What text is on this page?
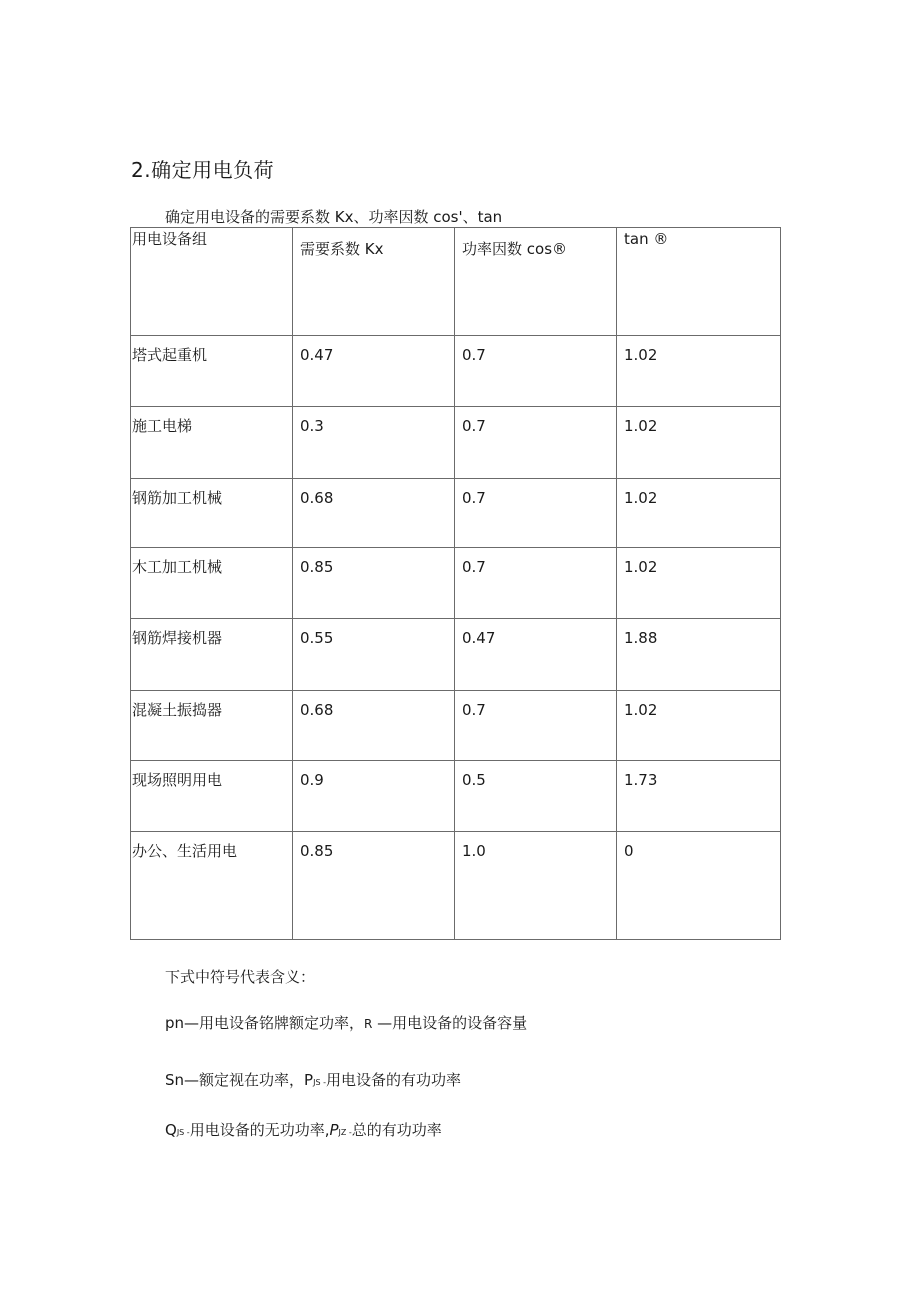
2.确定用电负荷
确定用电设备的需要系数 Kx、功率因数 cos'、tan
用电设备组	需要系数 Kx	功率因数 cos®	tan ®

塔式起重机	0.47	0.7	1.02

施工电梯	0.3	0.7	1.02

钢筋加工机械	0.68	0.7	1.02

木工加工机械	0.85	0.7	1.02

钢筋焊接机器	0.55	0.47	1.88

混凝土振捣器	0.68	0.7	1.02

现场照明用电	0.9	0.5	1.73

办公、生活用电	0.85	1.0	0
下式中符号代表含义：
pn—用电设备铭牌额定功率，R —用电设备的设备容量
Sn—额定视在功率，PJS -用电设备的有功功率
QJS -用电设备的无功功率,PJZ -总的有功功率
